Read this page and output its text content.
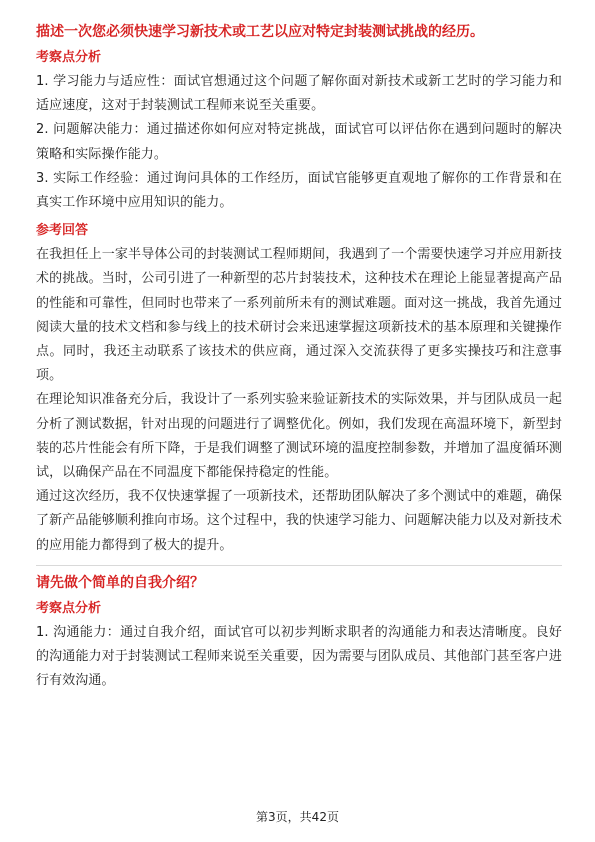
描述一次您必须快速学习新技术或工艺以应对特定封装测试挑战的经历。
考察点分析

1. 学习能力与适应性：面试官想通过这个问题了解你面对新技术或新工艺时的学习能力和适应速度，这对于封装测试工程师来说至关重要。

2. 问题解决能力：通过描述你如何应对特定挑战，面试官可以评估你在遇到问题时的解决策略和实际操作能力。

3. 实际工作经验：通过询问具体的工作经历，面试官能够更直观地了解你的工作背景和在真实工作环境中应用知识的能力。

参考回答

在我担任上一家半导体公司的封装测试工程师期间，我遇到了一个需要快速学习并应用新技术的挑战。当时，公司引进了一种新型的芯片封装技术，这种技术在理论上能显著提高产品的性能和可靠性，但同时也带来了一系列前所未有的测试难题。面对这一挑战，我首先通过阅读大量的技术文档和参与线上的技术研讨会来迅速掌握这项新技术的基本原理和关键操作点。同时，我还主动联系了该技术的供应商，通过深入交流获得了更多实操技巧和注意事项。

在理论知识准备充分后，我设计了一系列实验来验证新技术的实际效果，并与团队成员一起分析了测试数据，针对出现的问题进行了调整优化。例如，我们发现在高温环境下，新型封装的芯片性能会有所下降，于是我们调整了测试环境的温度控制参数，并增加了温度循环测试，以确保产品在不同温度下都能保持稳定的性能。

通过这次经历，我不仅快速掌握了一项新技术，还帮助团队解决了多个测试中的难题，确保了新产品能够顺利推向市场。这个过程中，我的快速学习能力、问题解决能力以及对新技术的应用能力都得到了极大的提升。

请先做个简单的自我介绍？
考察点分析

1. 沟通能力：通过自我介绍，面试官可以初步判断求职者的沟通能力和表达清晰度。良好的沟通能力对于封装测试工程师来说至关重要，因为需要与团队成员、其他部门甚至客户进行有效沟通。

第3页，共42页
